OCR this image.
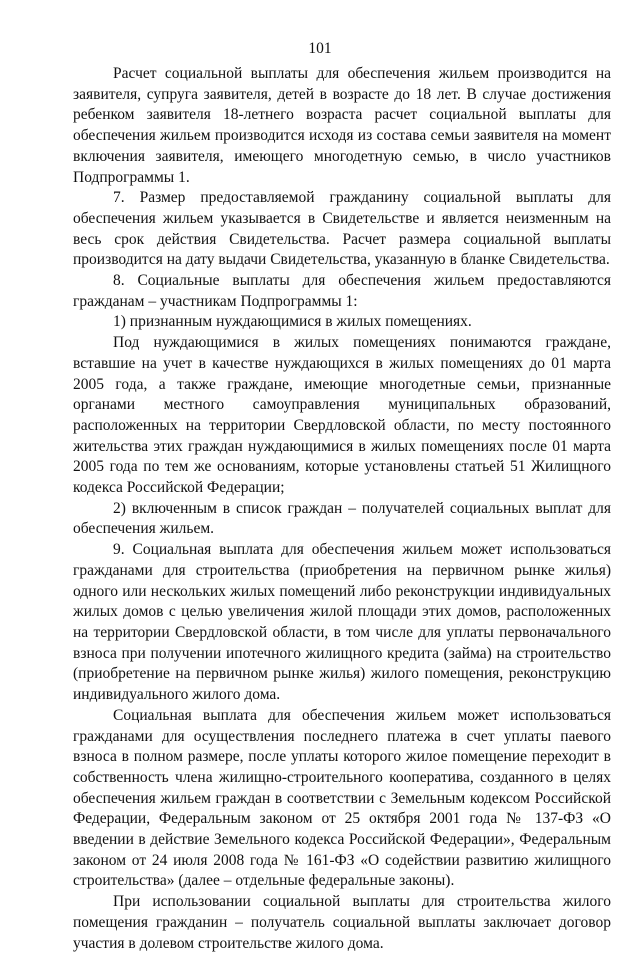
101

Расчет социальной выплаты для обеспечения жильем производится на заявителя, супруга заявителя, детей в возрасте до 18 лет. В случае достижения ребенком заявителя 18-летнего возраста расчет социальной выплаты для обеспечения жильем производится исходя из состава семьи заявителя на момент включения заявителя, имеющего многодетную семью, в число участников Подпрограммы 1.

7. Размер предоставляемой гражданину социальной выплаты для обеспечения жильем указывается в Свидетельстве и является неизменным на весь срок действия Свидетельства. Расчет размера социальной выплаты производится на дату выдачи Свидетельства, указанную в бланке Свидетельства.

8. Социальные выплаты для обеспечения жильем предоставляются гражданам – участникам Подпрограммы 1:

1) признанным нуждающимися в жилых помещениях.

Под нуждающимися в жилых помещениях понимаются граждане, вставшие на учет в качестве нуждающихся в жилых помещениях до 01 марта 2005 года, а также граждане, имеющие многодетные семьи, признанные органами местного самоуправления муниципальных образований, расположенных на территории Свердловской области, по месту постоянного жительства этих граждан нуждающимися в жилых помещениях после 01 марта 2005 года по тем же основаниям, которые установлены статьей 51 Жилищного кодекса Российской Федерации;

2) включенным в список граждан – получателей социальных выплат для обеспечения жильем.

9. Социальная выплата для обеспечения жильем может использоваться гражданами для строительства (приобретения на первичном рынке жилья) одного или нескольких жилых помещений либо реконструкции индивидуальных жилых домов с целью увеличения жилой площади этих домов, расположенных на территории Свердловской области, в том числе для уплаты первоначального взноса при получении ипотечного жилищного кредита (займа) на строительство (приобретение на первичном рынке жилья) жилого помещения, реконструкцию индивидуального жилого дома.

Социальная выплата для обеспечения жильем может использоваться гражданами для осуществления последнего платежа в счет уплаты паевого взноса в полном размере, после уплаты которого жилое помещение переходит в собственность члена жилищно-строительного кооператива, созданного в целях обеспечения жильем граждан в соответствии с Земельным кодексом Российской Федерации, Федеральным законом от 25 октября 2001 года № 137-ФЗ «О введении в действие Земельного кодекса Российской Федерации», Федеральным законом от 24 июля 2008 года № 161-ФЗ «О содействии развитию жилищного строительства» (далее – отдельные федеральные законы).

При использовании социальной выплаты для строительства жилого помещения гражданин – получатель социальной выплаты заключает договор участия в долевом строительстве жилого дома.
